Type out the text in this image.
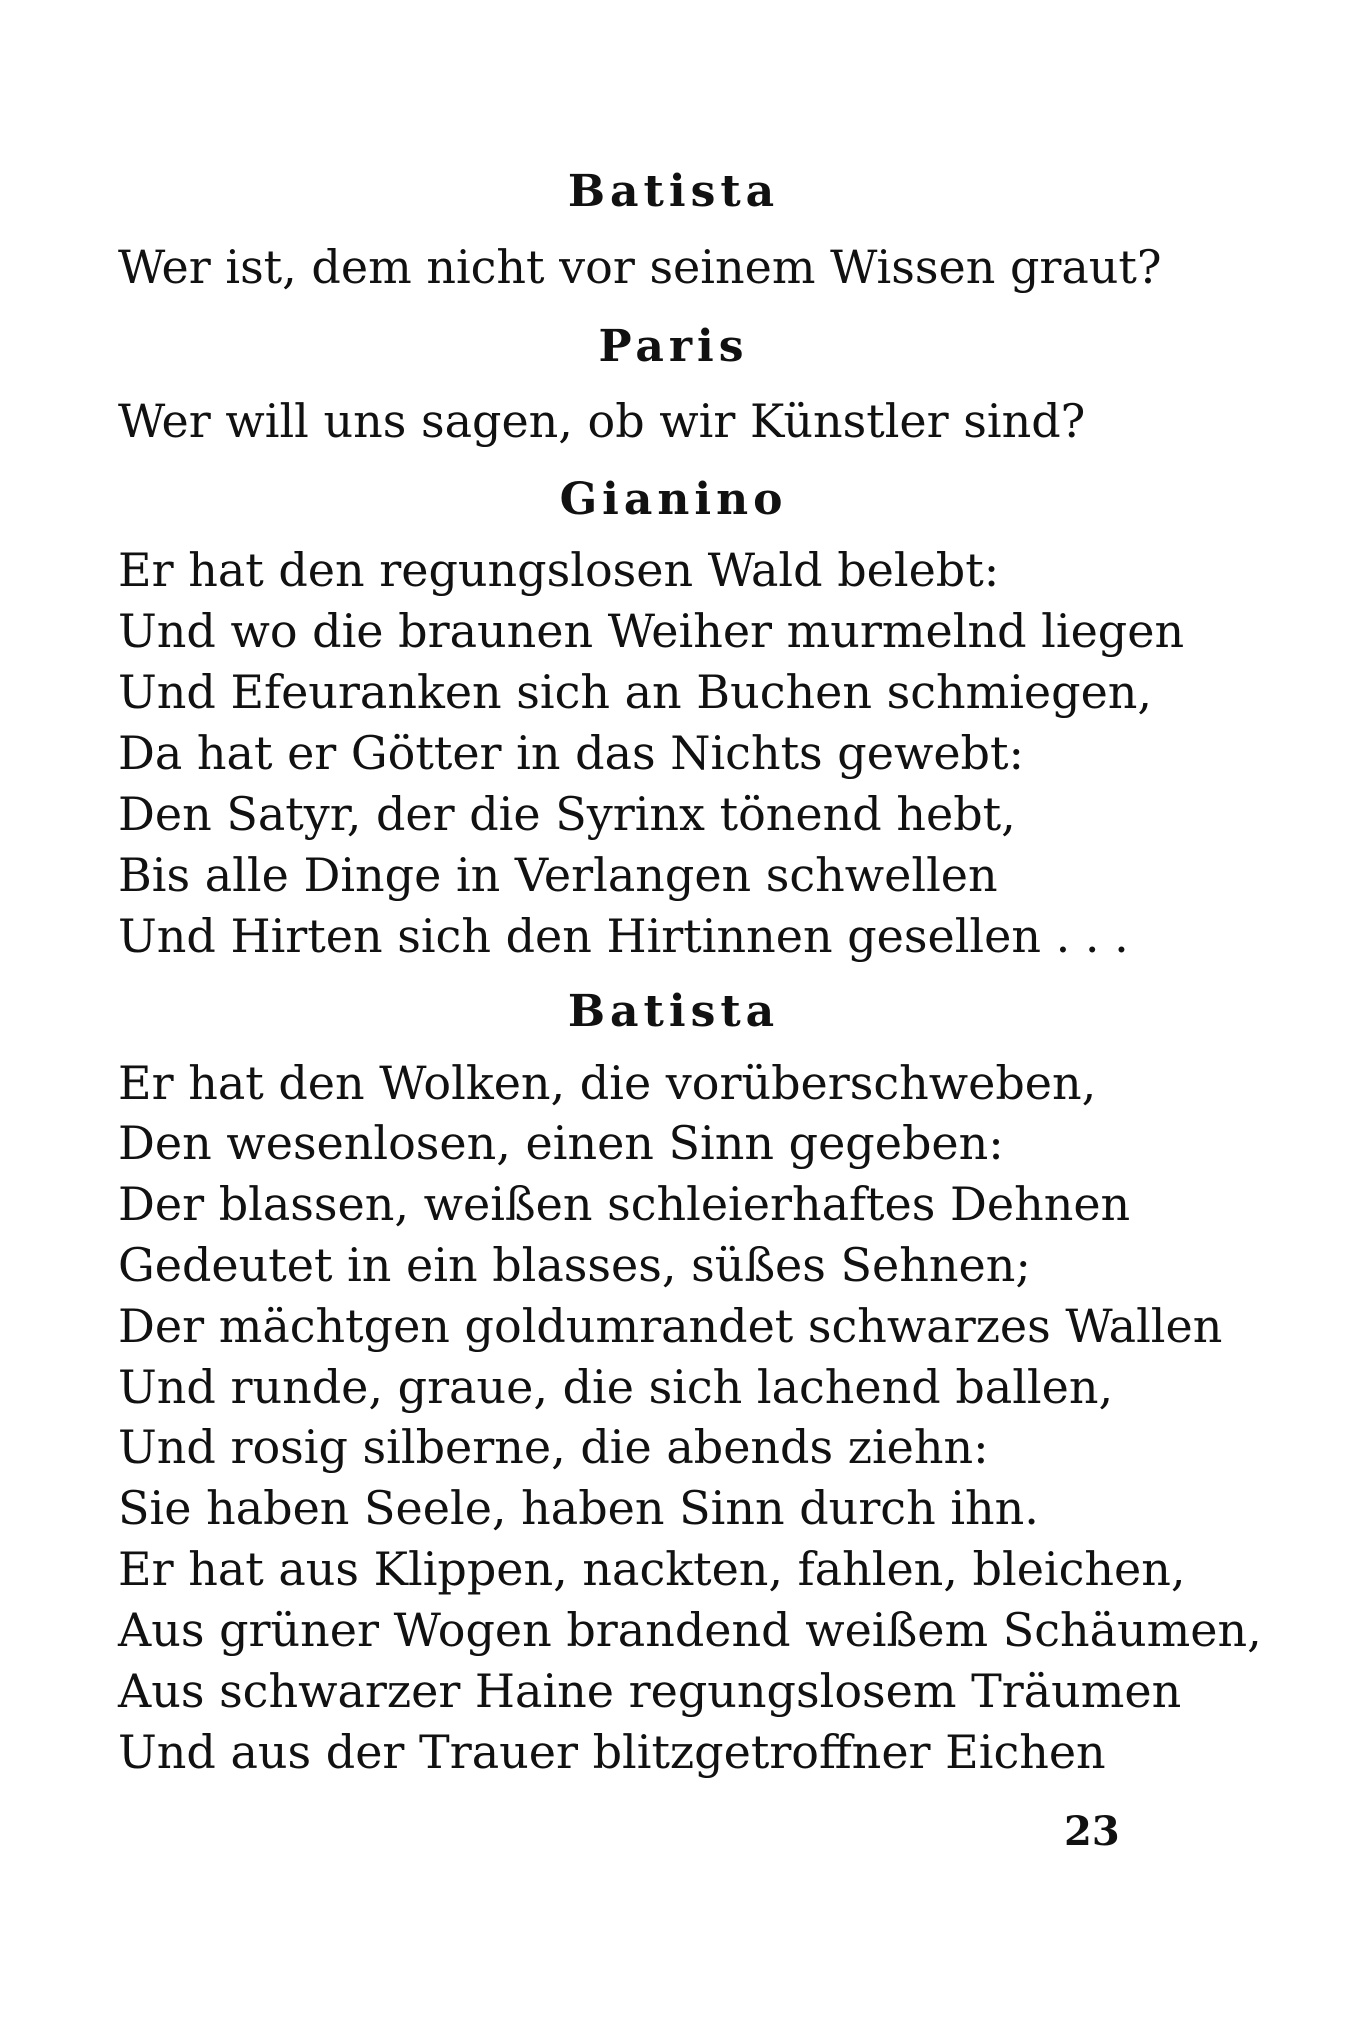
Batista
Wer ist, dem nicht vor seinem Wissen graut?
Paris
Wer will uns sagen, ob wir Künstler sind?
Gianino
Er hat den regungslosen Wald belebt:
Und wo die braunen Weiher murmelnd liegen
Und Efeuranken sich an Buchen schmiegen,
Da hat er Götter in das Nichts gewebt:
Den Satyr, der die Syrinx tönend hebt,
Bis alle Dinge in Verlangen schwellen
Und Hirten sich den Hirtinnen gesellen . . .
Batista
Er hat den Wolken, die vorüberschweben,
Den wesenlosen, einen Sinn gegeben:
Der blassen, weißen schleierhaftes Dehnen
Gedeutet in ein blasses, süßes Sehnen;
Der mächtgen goldumrandet schwarzes Wallen
Und runde, graue, die sich lachend ballen,
Und rosig silberne, die abends ziehn:
Sie haben Seele, haben Sinn durch ihn.
Er hat aus Klippen, nackten, fahlen, bleichen,
Aus grüner Wogen brandend weißem Schäumen,
Aus schwarzer Haine regungslosem Träumen
Und aus der Trauer blitzgetroffner Eichen
23
